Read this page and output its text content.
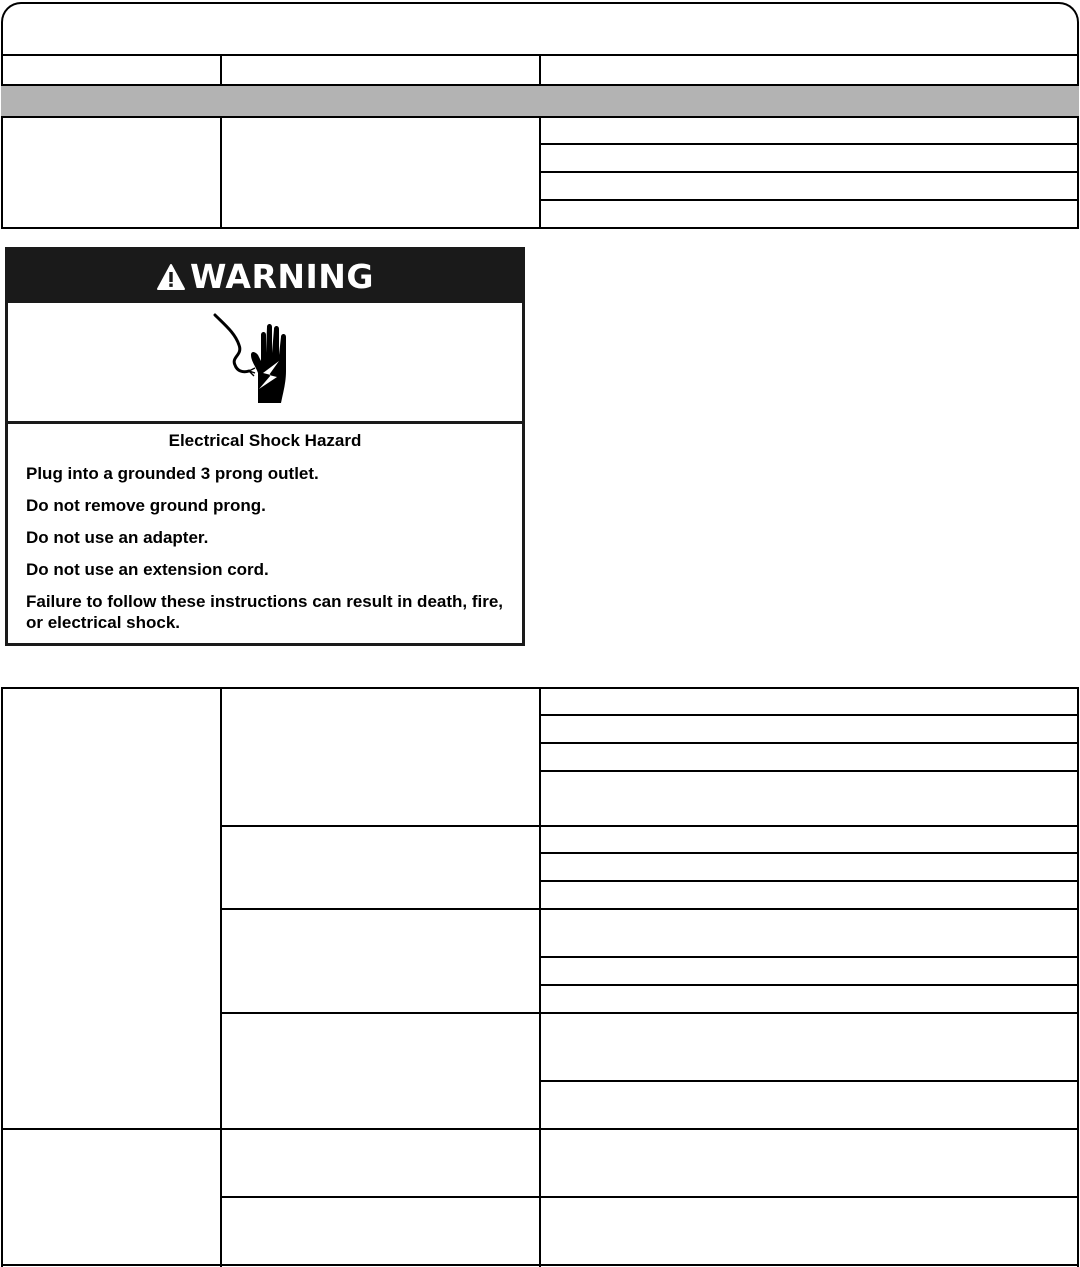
WARNING
Electrical Shock Hazard
Plug into a grounded 3 prong outlet.
Do not remove ground prong.
Do not use an adapter.
Do not use an extension cord.
Failure to follow these instructions can result in death, fire, or electrical shock.
